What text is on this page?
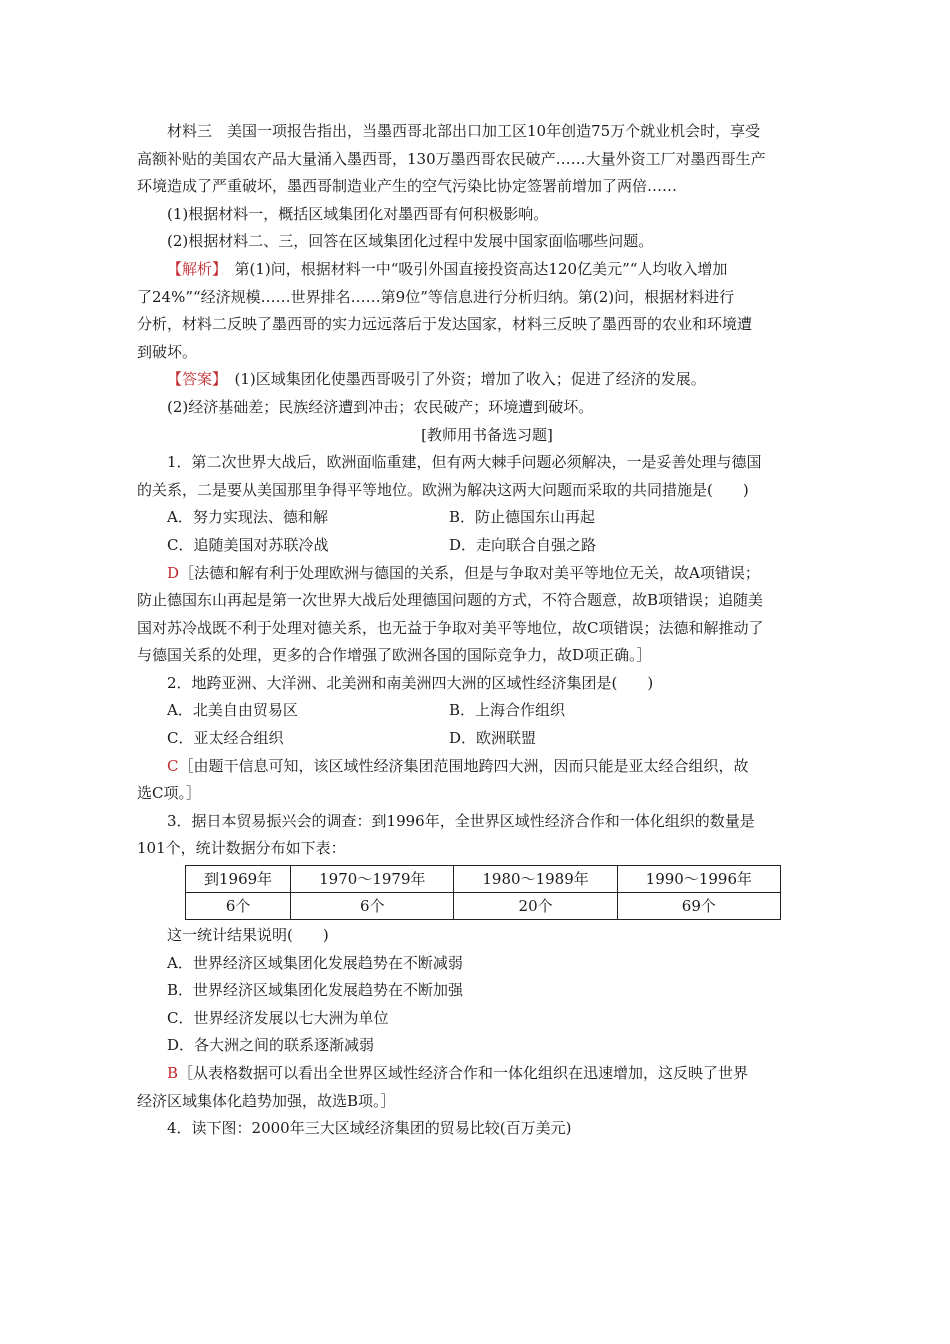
材料三　美国一项报告指出，当墨西哥北部出口加工区10年创造75万个就业机会时，享受

高额补贴的美国农产品大量涌入墨西哥，130万墨西哥农民破产……大量外资工厂对墨西哥生产

环境造成了严重破坏，墨西哥制造业产生的空气污染比协定签署前增加了两倍……

(1)根据材料一，概括区域集团化对墨西哥有何积极影响。

(2)根据材料二、三，回答在区域集团化过程中发展中国家面临哪些问题。

【解析】　第(1)问，根据材料一中“吸引外国直接投资高达120亿美元”“人均收入增加

了24%”“经济规模……世界排名……第9位”等信息进行分析归纳。第(2)问，根据材料进行

分析，材料二反映了墨西哥的实力远远落后于发达国家，材料三反映了墨西哥的农业和环境遭

到破坏。

【答案】　(1)区域集团化使墨西哥吸引了外资；增加了收入；促进了经济的发展。

(2)经济基础差；民族经济遭到冲击；农民破产；环境遭到破坏。

[教师用书备选习题]

1．第二次世界大战后，欧洲面临重建，但有两大棘手问题必须解决，一是妥善处理与德国

的关系，二是要从美国那里争得平等地位。欧洲为解决这两大问题而采取的共同措施是(　　)

A．努力实现法、德和解	B．防止德国东山再起
C．追随美国对苏联冷战	D．走向联合自强之路

D［法德和解有利于处理欧洲与德国的关系，但是与争取对美平等地位无关，故A项错误；

防止德国东山再起是第一次世界大战后处理德国问题的方式，不符合题意，故B项错误；追随美

国对苏冷战既不利于处理对德关系，也无益于争取对美平等地位，故C项错误；法德和解推动了

与德国关系的处理，更多的合作增强了欧洲各国的国际竞争力，故D项正确。］

2．地跨亚洲、大洋洲、北美洲和南美洲四大洲的区域性经济集团是(　　)

A．北美自由贸易区	B．上海合作组织
C．亚太经合组织	D．欧洲联盟

C［由题干信息可知，该区域性经济集团范围地跨四大洲，因而只能是亚太经合组织，故

选C项。］

3．据日本贸易振兴会的调查：到1996年，全世界区域性经济合作和一体化组织的数量是

101个，统计数据分布如下表：

到1969年	1970～1979年	1980～1989年	1990～1996年
6个	6个	20个	69个

这一统计结果说明(　　)

A．世界经济区域集团化发展趋势在不断减弱

B．世界经济区域集团化发展趋势在不断加强

C．世界经济发展以七大洲为单位

D．各大洲之间的联系逐渐减弱

B［从表格数据可以看出全世界区域性经济合作和一体化组织在迅速增加，这反映了世界

经济区域集体化趋势加强，故选B项。］

4．读下图：2000年三大区域经济集团的贸易比较(百万美元)
